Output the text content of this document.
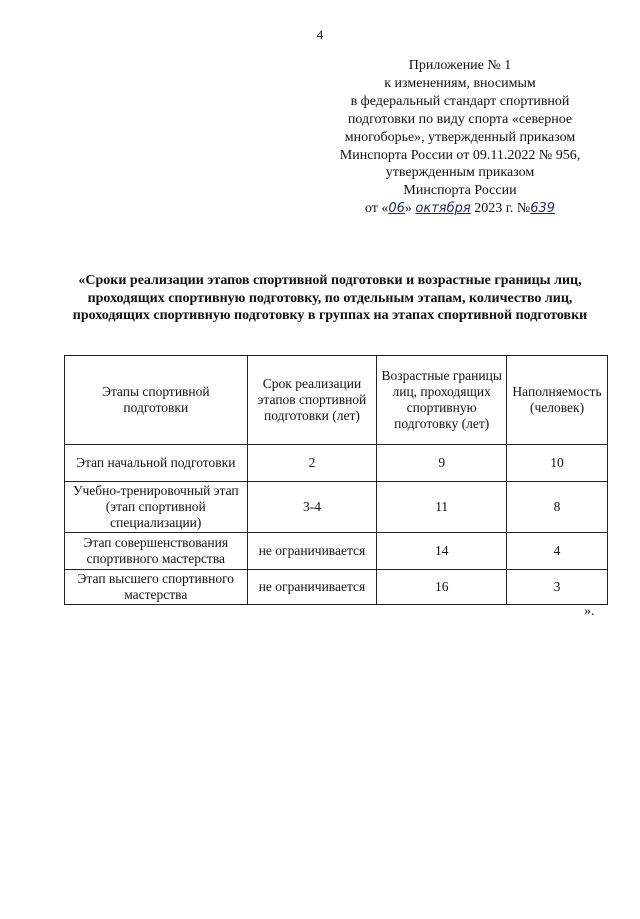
4
Приложение № 1
к изменениям, вносимым
в федеральный стандарт спортивной
подготовки по виду спорта «северное
многоборье», утвержденный приказом
Минспорта России от 09.11.2022 № 956,
утвержденным приказом
Минспорта России
от «06» октября 2023 г. №639
«Сроки реализации этапов спортивной подготовки и возрастные границы лиц, проходящих спортивную подготовку, по отдельным этапам, количество лиц, проходящих спортивную подготовку в группах на этапах спортивной подготовки
Этапы спортивной подготовки	Срок реализации этапов спортивной подготовки (лет)	Возрастные границы лиц, проходящих спортивную подготовку (лет)	Наполняемость (человек)
Этап начальной подготовки	2	9	10
Учебно-тренировочный этап (этап спортивной специализации)	3-4	11	8
Этап совершенствования спортивного мастерства	не ограничивается	14	4
Этап высшего спортивного мастерства	не ограничивается	16	3
».
